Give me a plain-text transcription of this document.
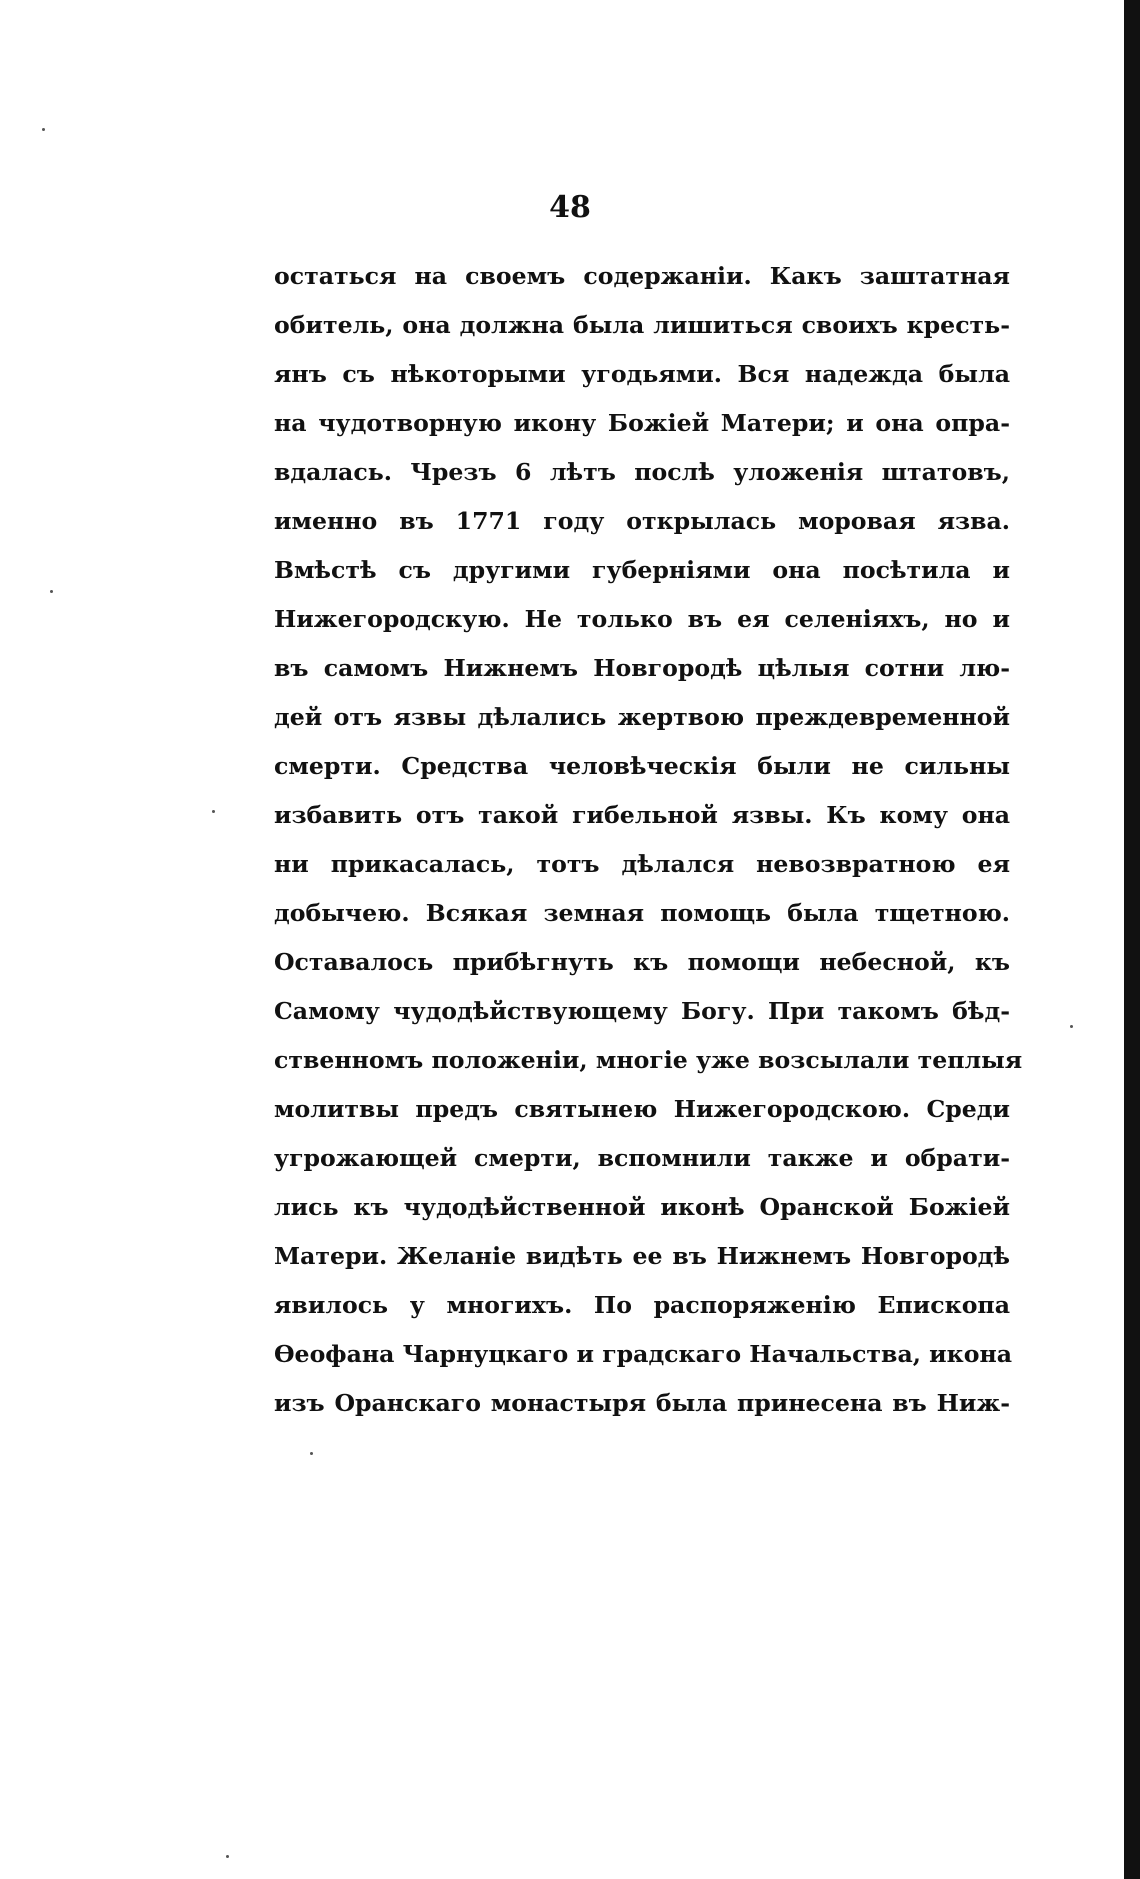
48
остаться на своемъ содержаніи. Какъ заштатная
обитель, она должна была лишиться своихъ кресть-
янъ съ нѣкоторыми угодьями. Вся надежда была
на чудотворную икону Божіей Матери; и она опра-
вдалась. Чрезъ 6 лѣтъ послѣ уложенія штатовъ,
именно въ 1771 году открылась моровая язва.
Вмѣстѣ съ другими губерніями она посѣтила и
Нижегородскую. Не только въ ея селеніяхъ, но и
въ самомъ Нижнемъ Новгородѣ цѣлыя сотни лю-
дей отъ язвы дѣлались жертвою преждевременной
смерти. Средства человѣческія были не сильны
избавить отъ такой гибельной язвы. Къ кому она
ни прикасалась, тотъ дѣлался невозвратною ея
добычею. Всякая земная помощь была тщетною.
Оставалось прибѣгнуть къ помощи небесной, къ
Самому чудодѣйствующему Богу. При такомъ бѣд-
ственномъ положеніи, многіе уже возсылали теплыя
молитвы предъ святынею Нижегородскою. Среди
угрожающей смерти, вспомнили также и обрати-
лись къ чудодѣйственной иконѣ Оранской Божіей
Матери. Желаніе видѣть ее въ Нижнемъ Новгородѣ
явилось у многихъ. По распоряженію Епископа
Ѳеофана Чарнуцкаго и градскаго Начальства, икона
изъ Оранскаго монастыря была принесена въ Ниж-
